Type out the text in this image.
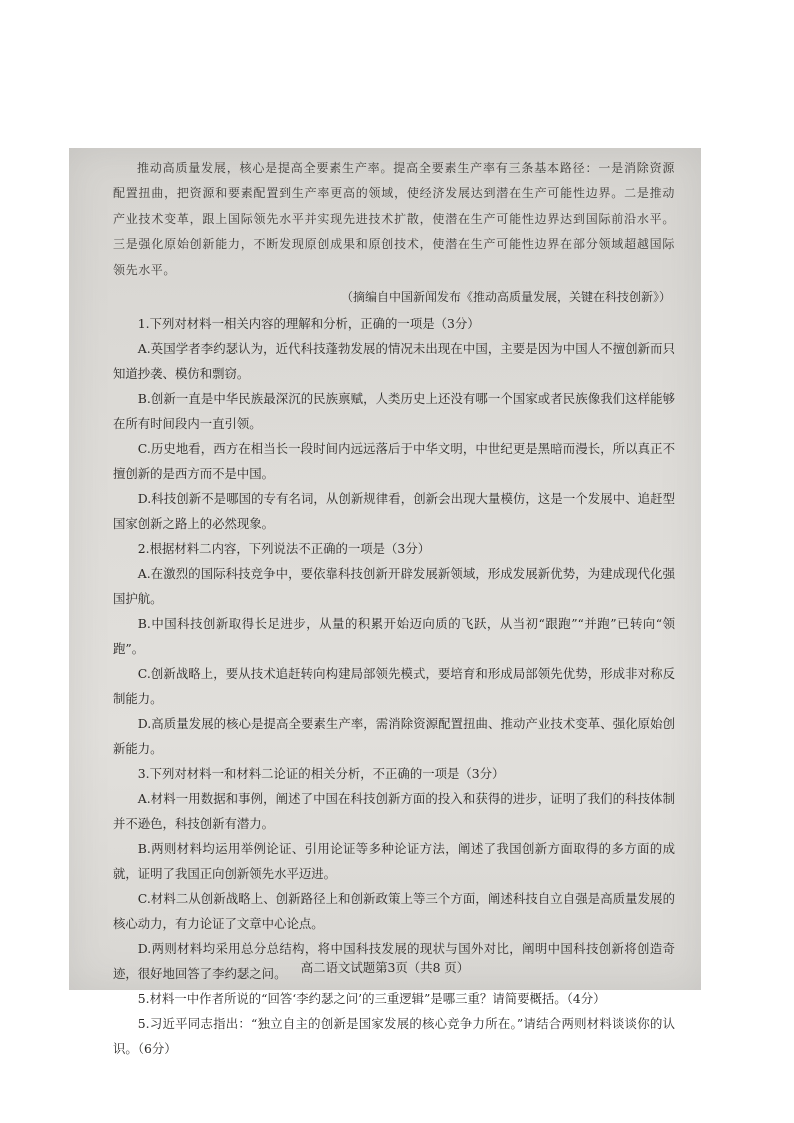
推动高质量发展，核心是提高全要素生产率。提高全要素生产率有三条基本路径：一是消除资源配置扭曲，把资源和要素配置到生产率更高的领域，使经济发展达到潜在生产可能性边界。二是推动产业技术变革，跟上国际领先水平并实现先进技术扩散，使潜在生产可能性边界达到国际前沿水平。三是强化原始创新能力，不断发现原创成果和原创技术，使潜在生产可能性边界在部分领域超越国际领先水平。

（摘编自中国新闻发布《推动高质量发展，关键在科技创新》）

1.下列对材料一相关内容的理解和分析，正确的一项是（3分）

A.英国学者李约瑟认为，近代科技蓬勃发展的情况未出现在中国，主要是因为中国人不擅创新而只知道抄袭、模仿和剽窃。

B.创新一直是中华民族最深沉的民族禀赋，人类历史上还没有哪一个国家或者民族像我们这样能够在所有时间段内一直引领。

C.历史地看，西方在相当长一段时间内远远落后于中华文明，中世纪更是黑暗而漫长，所以真正不擅创新的是西方而不是中国。

D.科技创新不是哪国的专有名词，从创新规律看，创新会出现大量模仿，这是一个发展中、追赶型国家创新之路上的必然现象。

2.根据材料二内容，下列说法不正确的一项是（3分）

A.在激烈的国际科技竞争中，要依靠科技创新开辟发展新领域，形成发展新优势，为建成现代化强国护航。

B.中国科技创新取得长足进步，从量的积累开始迈向质的飞跃，从当初“跟跑”“并跑”已转向“领跑”。

C.创新战略上，要从技术追赶转向构建局部领先模式，要培育和形成局部领先优势，形成非对称反制能力。

D.高质量发展的核心是提高全要素生产率，需消除资源配置扭曲、推动产业技术变革、强化原始创新能力。

3.下列对材料一和材料二论证的相关分析，不正确的一项是（3分）

A.材料一用数据和事例，阐述了中国在科技创新方面的投入和获得的进步，证明了我们的科技体制并不逊色，科技创新有潜力。

B.两则材料均运用举例论证、引用论证等多种论证方法，阐述了我国创新方面取得的多方面的成就，证明了我国正向创新领先水平迈进。

C.材料二从创新战略上、创新路径上和创新政策上等三个方面，阐述科技自立自强是高质量发展的核心动力，有力论证了文章中心论点。

D.两则材料均采用总分总结构，将中国科技发展的现状与国外对比，阐明中国科技创新将创造奇迹，很好地回答了李约瑟之问。

5.材料一中作者所说的“回答‘李约瑟之问’的三重逻辑”是哪三重？请简要概括。（4分）

5.习近平同志指出：“独立自主的创新是国家发展的核心竞争力所在。”请结合两则材料谈谈你的认识。（6分）

高二语文试题第3页（共8 页）
